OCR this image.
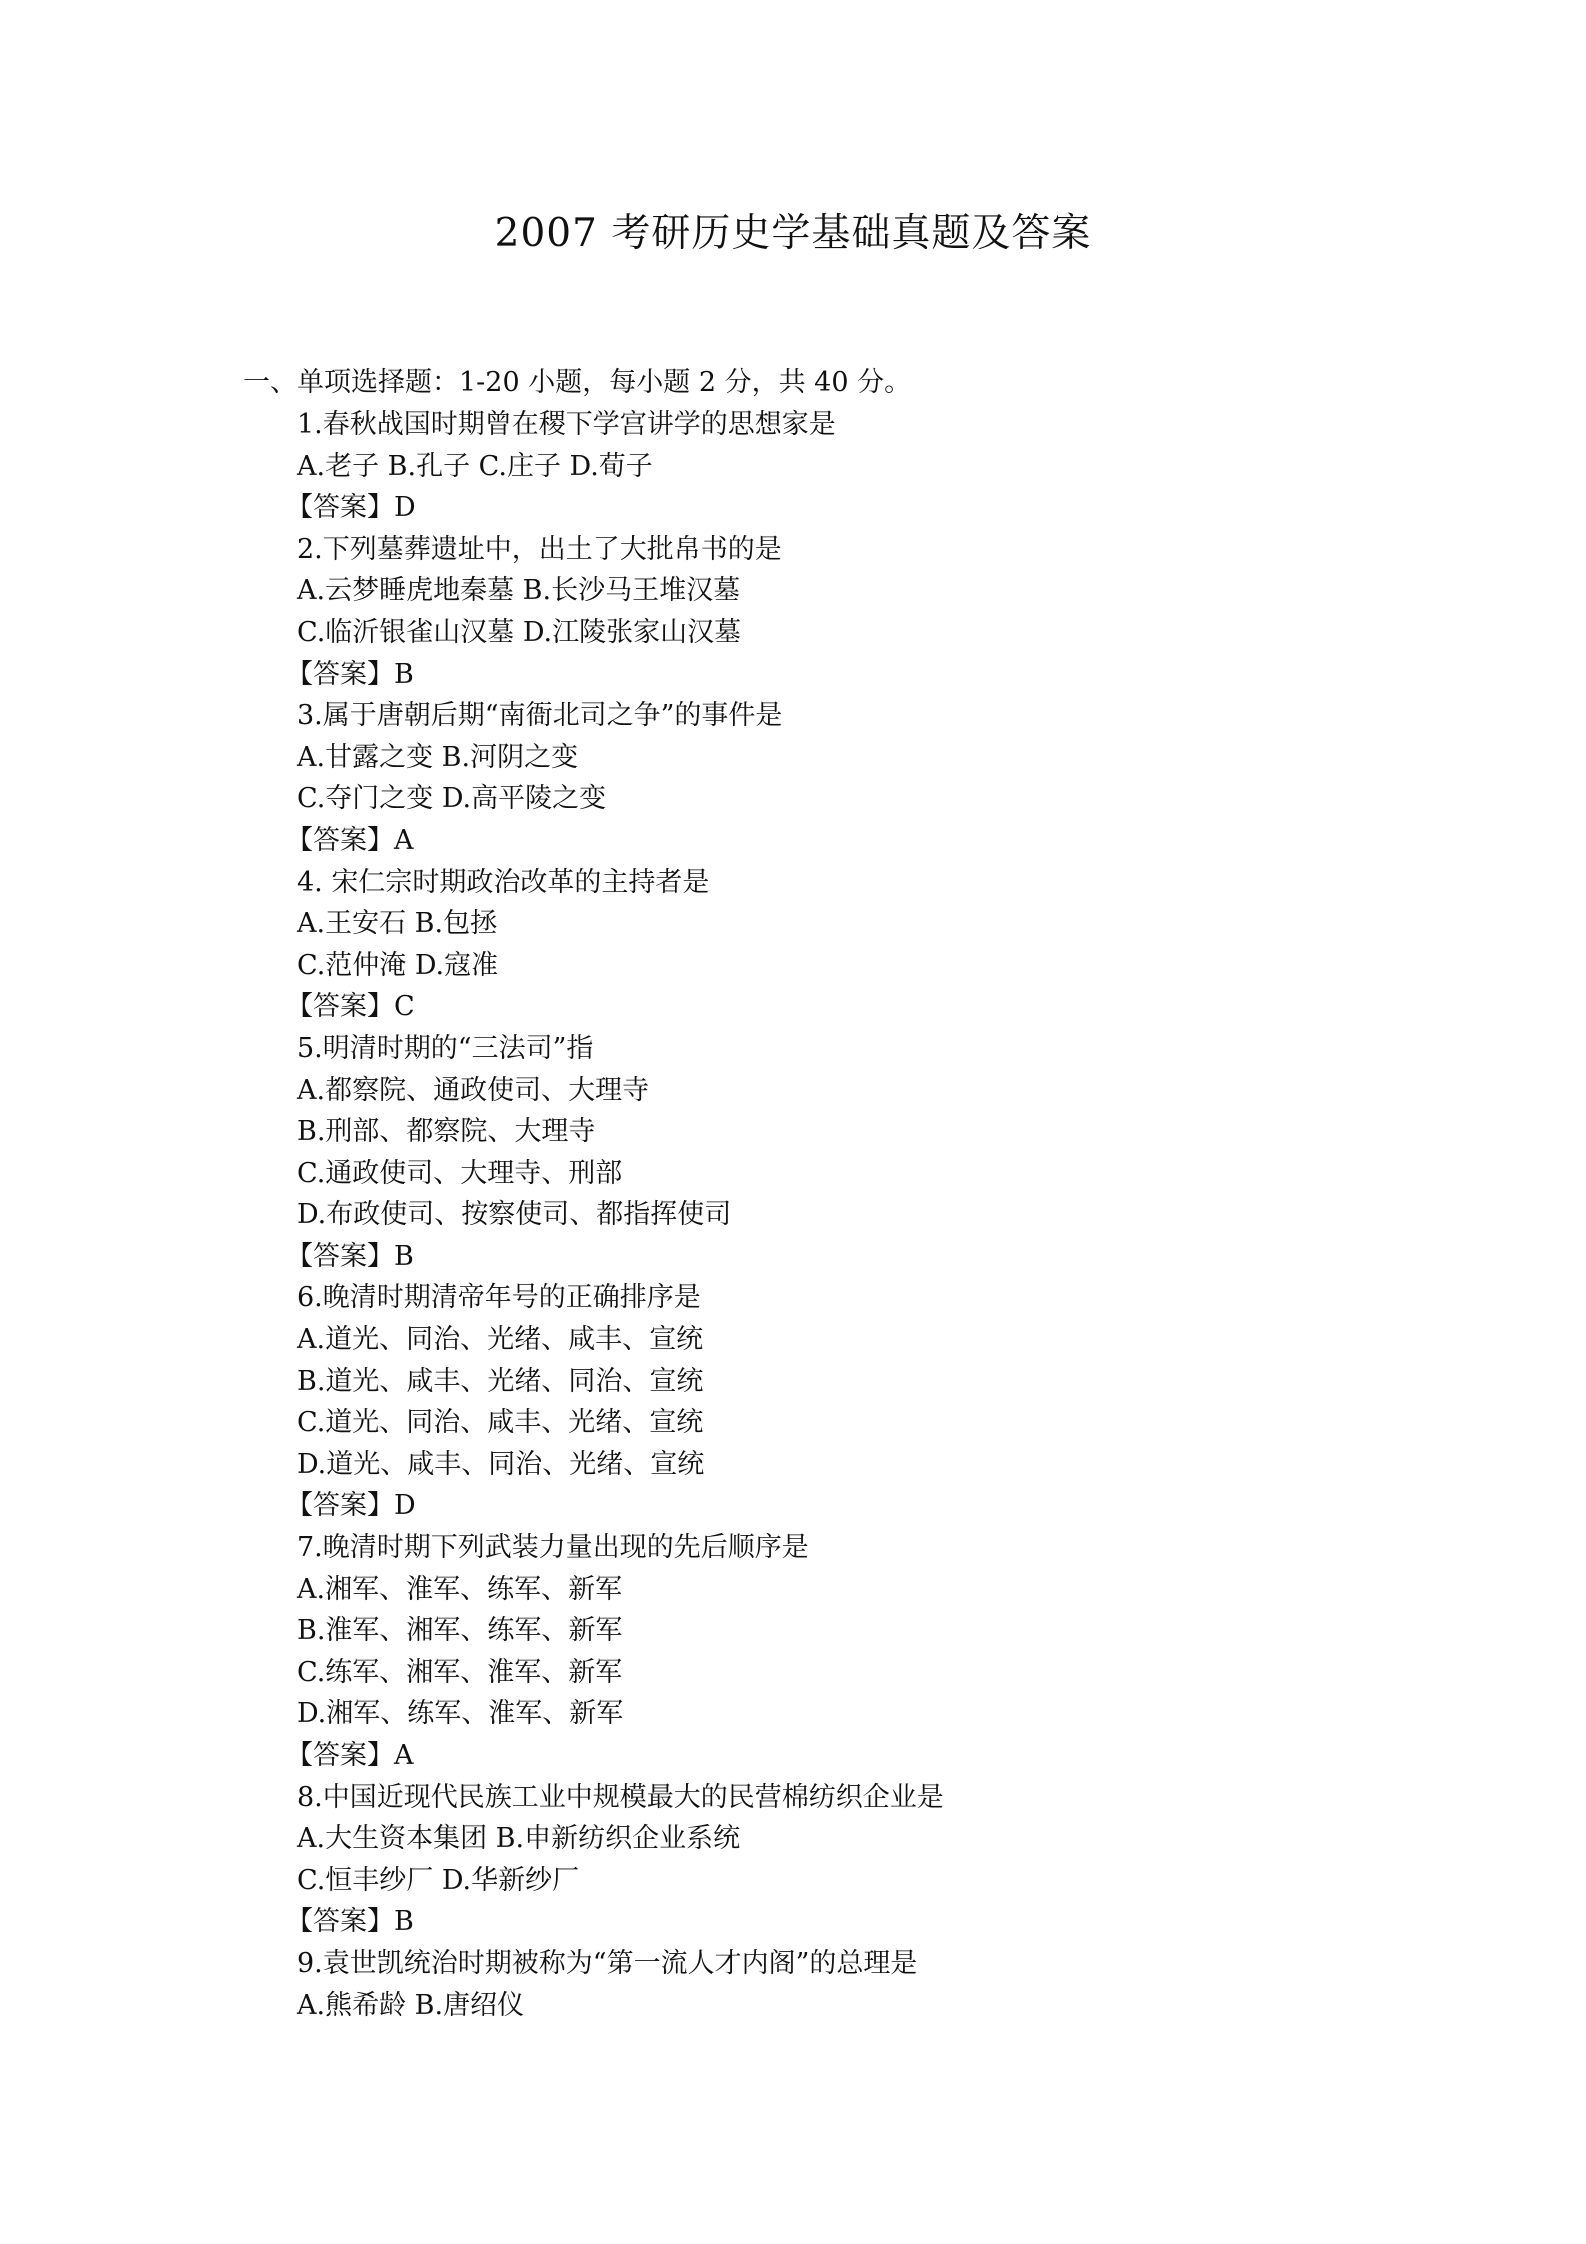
2007 考研历史学基础真题及答案

一、单项选择题：1-20 小题，每小题 2 分，共 40 分。

1.春秋战国时期曾在稷下学宫讲学的思想家是
A.老子 B.孔子 C.庄子 D.荀子
【答案】D
2.下列墓葬遗址中，出土了大批帛书的是
A.云梦睡虎地秦墓 B.长沙马王堆汉墓
C.临沂银雀山汉墓 D.江陵张家山汉墓
【答案】B
3.属于唐朝后期“南衙北司之争”的事件是
A.甘露之变 B.河阴之变
C.夺门之变 D.高平陵之变
【答案】A
4. 宋仁宗时期政治改革的主持者是
A.王安石 B.包拯
C.范仲淹 D.寇准
【答案】C
5.明清时期的“三法司”指
A.都察院、通政使司、大理寺
B.刑部、都察院、大理寺
C.通政使司、大理寺、刑部
D.布政使司、按察使司、都指挥使司
【答案】B
6.晚清时期清帝年号的正确排序是
A.道光、同治、光绪、咸丰、宣统
B.道光、咸丰、光绪、同治、宣统
C.道光、同治、咸丰、光绪、宣统
D.道光、咸丰、同治、光绪、宣统
【答案】D
7.晚清时期下列武装力量出现的先后顺序是
A.湘军、淮军、练军、新军
B.淮军、湘军、练军、新军
C.练军、湘军、淮军、新军
D.湘军、练军、淮军、新军
【答案】A
8.中国近现代民族工业中规模最大的民营棉纺织企业是
A.大生资本集团 B.申新纺织企业系统
C.恒丰纱厂 D.华新纱厂
【答案】B
9.袁世凯统治时期被称为“第一流人才内阁”的总理是
A.熊希龄 B.唐绍仪
